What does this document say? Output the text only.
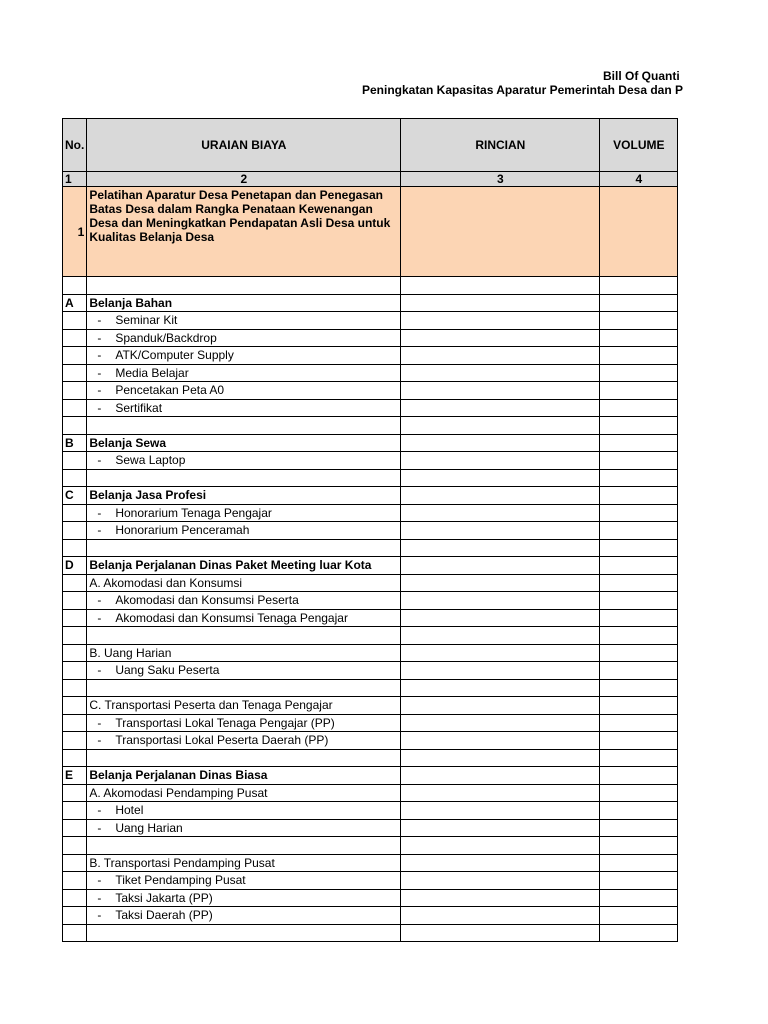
Bill Of Quanti
Peningkatan Kapasitas Aparatur Pemerintah Desa dan P
No.	URAIAN BIAYA	RINCIAN	VOLUME
1	2	3	4
1	Pelatihan Aparatur Desa Penetapan dan Penegasan Batas Desa dalam Rangka Penataan Kewenangan Desa dan Meningkatkan Pendapatan Asli Desa untuk Kualitas Belanja Desa		

A	Belanja Bahan		
	- Seminar Kit		
	- Spanduk/Backdrop		
	- ATK/Computer Supply		
	- Media Belajar		
	- Pencetakan Peta A0		
	- Sertifikat		

B	Belanja Sewa		
	- Sewa Laptop		

C	Belanja Jasa Profesi		
	- Honorarium Tenaga Pengajar		
	- Honorarium Penceramah		

D	Belanja Perjalanan Dinas Paket Meeting luar Kota		
	A. Akomodasi dan Konsumsi		
	- Akomodasi dan Konsumsi Peserta		
	- Akomodasi dan Konsumsi Tenaga Pengajar		

	B. Uang Harian		
	- Uang Saku Peserta		

	C. Transportasi Peserta dan Tenaga Pengajar		
	- Transportasi Lokal Tenaga Pengajar (PP)		
	- Transportasi Lokal Peserta Daerah (PP)		

E	Belanja Perjalanan Dinas Biasa		
	A. Akomodasi Pendamping Pusat		
	- Hotel		
	- Uang Harian		

	B. Transportasi Pendamping Pusat		
	- Tiket Pendamping Pusat		
	- Taksi Jakarta (PP)		
	- Taksi Daerah (PP)		
